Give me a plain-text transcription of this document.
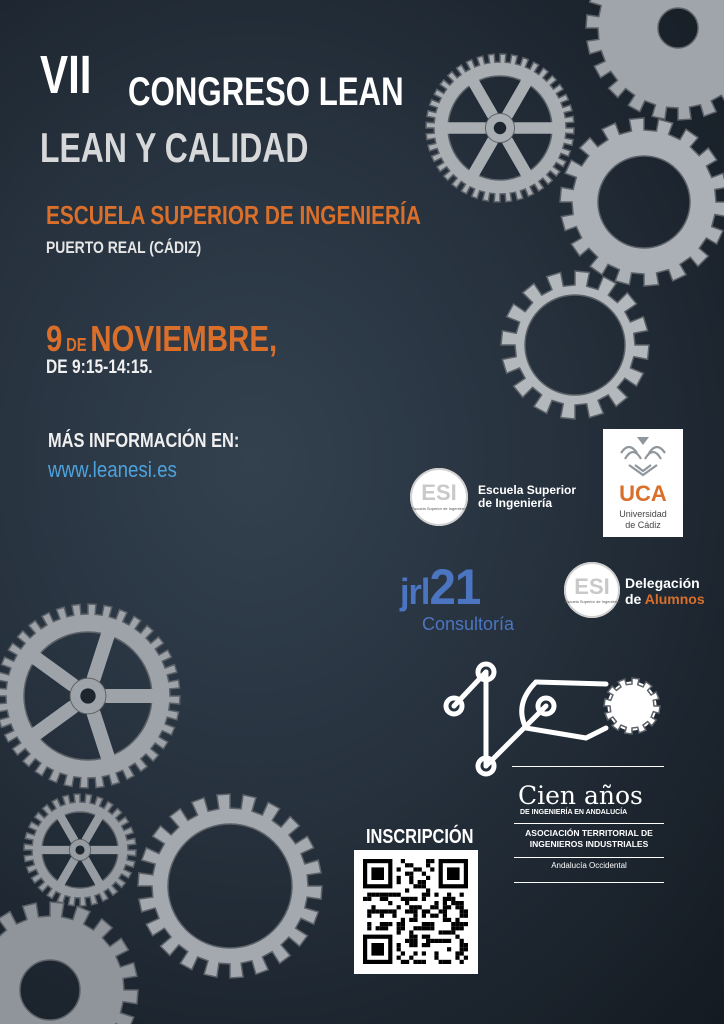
VII CONGRESO LEAN
LEAN Y CALIDAD
ESCUELA SUPERIOR DE INGENIERÍA
PUERTO REAL (CÁDIZ)
9 DE NOVIEMBRE,
DE 9:15-14:15.
MÁS INFORMACIÓN EN:
www.leanesi.es
ESI
Escuela Superior de Ingeniería
Escuela Superior de Ingeniería	UCA
Universidad de Cádiz
jrl21
Consultoría
ESI
Escuela Superior de Ingeniería
Delegación
de Alumnos
Cien años
DE INGENIERÍA EN ANDALUCÍA
ASOCIACIÓN TERRITORIAL DE INGENIEROS INDUSTRIALES
Andalucía Occidental
INSCRIPCIÓN
